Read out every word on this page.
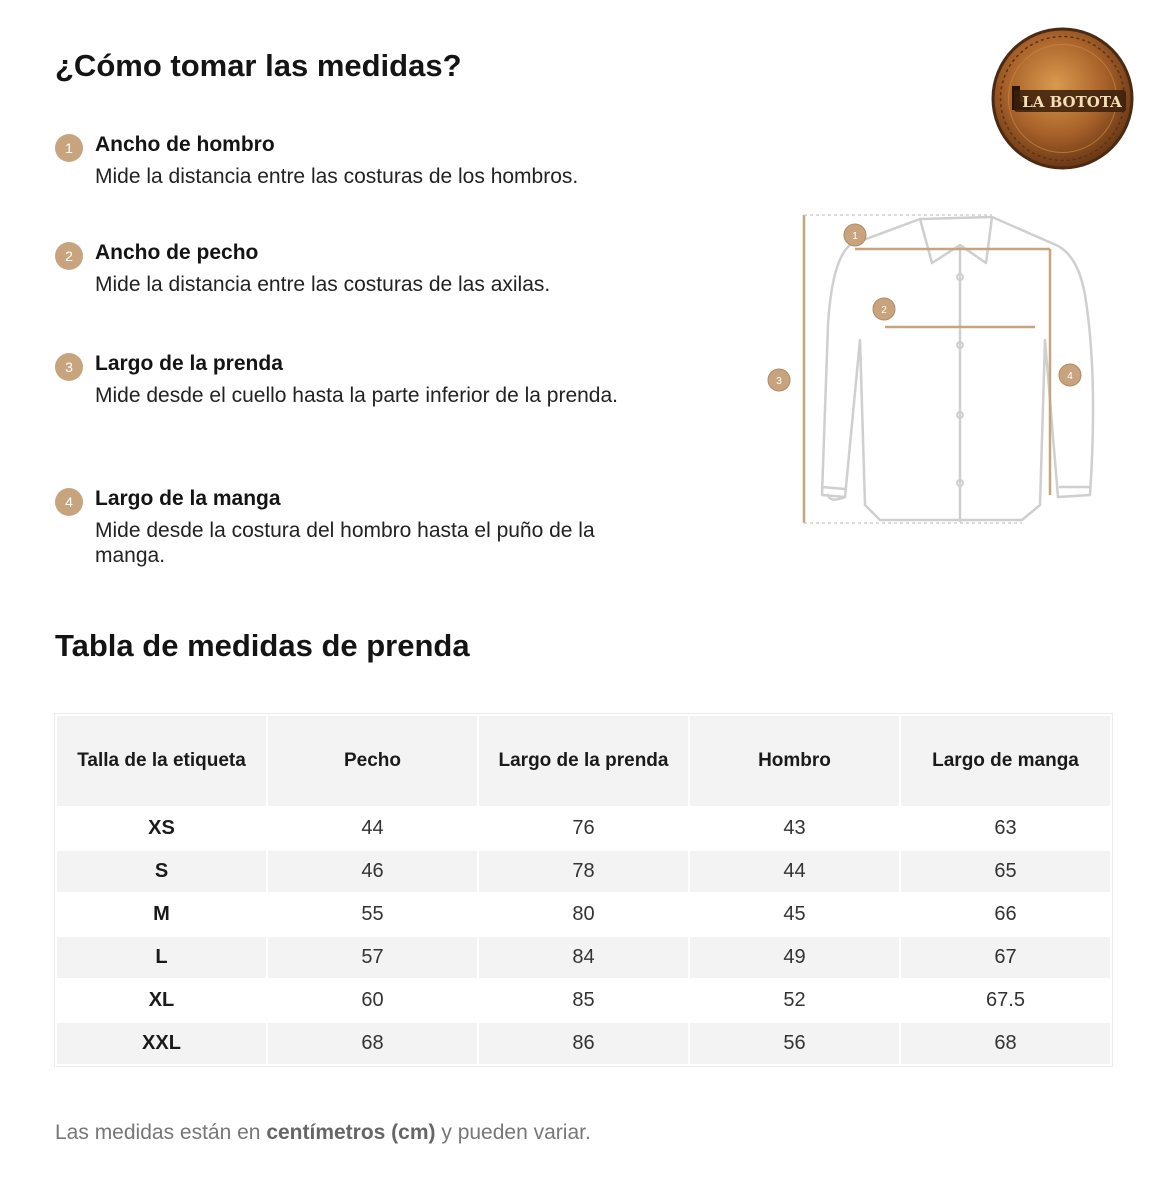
¿Cómo tomar las medidas?
1	Ancho de hombro
Mide la distancia entre las costuras de los hombros.
2	Ancho de pecho
Mide la distancia entre las costuras de las axilas.
3	Largo de la prenda
Mide desde el cuello hasta la parte inferior de la prenda.
4	Largo de la manga
Mide desde la costura del hombro hasta el puño de la manga.
LA BOTOTA
1
2
3	4
Tabla de medidas de prenda
Talla de la etiqueta	Pecho	Largo de la prenda	Hombro	Largo de manga
XS	44	76	43	63
S	46	78	44	65
M	55	80	45	66
L	57	84	49	67
XL	60	85	52	67.5
XXL	68	86	56	68

Las medidas están en centímetros (cm) y pueden variar.
